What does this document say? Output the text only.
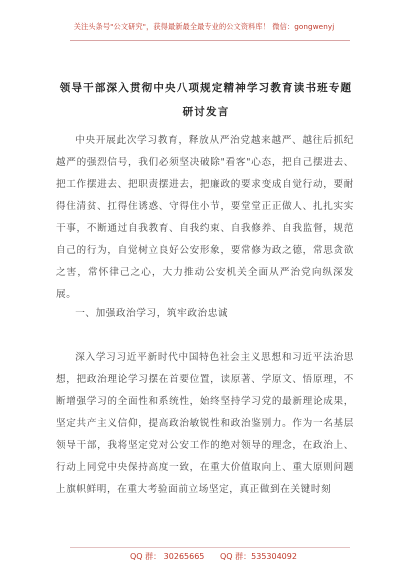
关注头条号"公文研究"，获得最新最全最专业的公文资料库！ 微信：gongwenyj
领导干部深入贯彻中央八项规定精神学习教育读书班专题
研讨发言
中央开展此次学习教育，释放从严治党越来越严、越往后抓纪越严的强烈信号，我们必须坚决破除"看客"心态，把自己摆进去、把工作摆进去、把职责摆进去，把廉政的要求变成自觉行动，要耐得住清贫、扛得住诱惑、守得住小节，要堂堂正正做人、扎扎实实干事，不断通过自我教育、自我约束、自我修养、自我监督，规范自己的行为，自觉树立良好公安形象，要常修为政之德，常思贪欲之害，常怀律己之心，大力推动公安机关全面从严治党向纵深发展。
一、加强政治学习，筑牢政治忠诚
深入学习习近平新时代中国特色社会主义思想和习近平法治思想，把政治理论学习摆在首要位置，读原著、学原文、悟原理，不断增强学习的全面性和系统性，始终坚持学习党的最新理论成果，坚定共产主义信仰，提高政治敏锐性和政治鉴别力。作为一名基层领导干部，我将坚定党对公安工作的绝对领导的理念，在政治上、行动上同党中央保持高度一致，在重大价值取向上、重大原则问题上旗帜鲜明，在重大考验面前立场坚定，真正做到在关键时刻
QQ 群： 30265665 QQ 群：535304092
